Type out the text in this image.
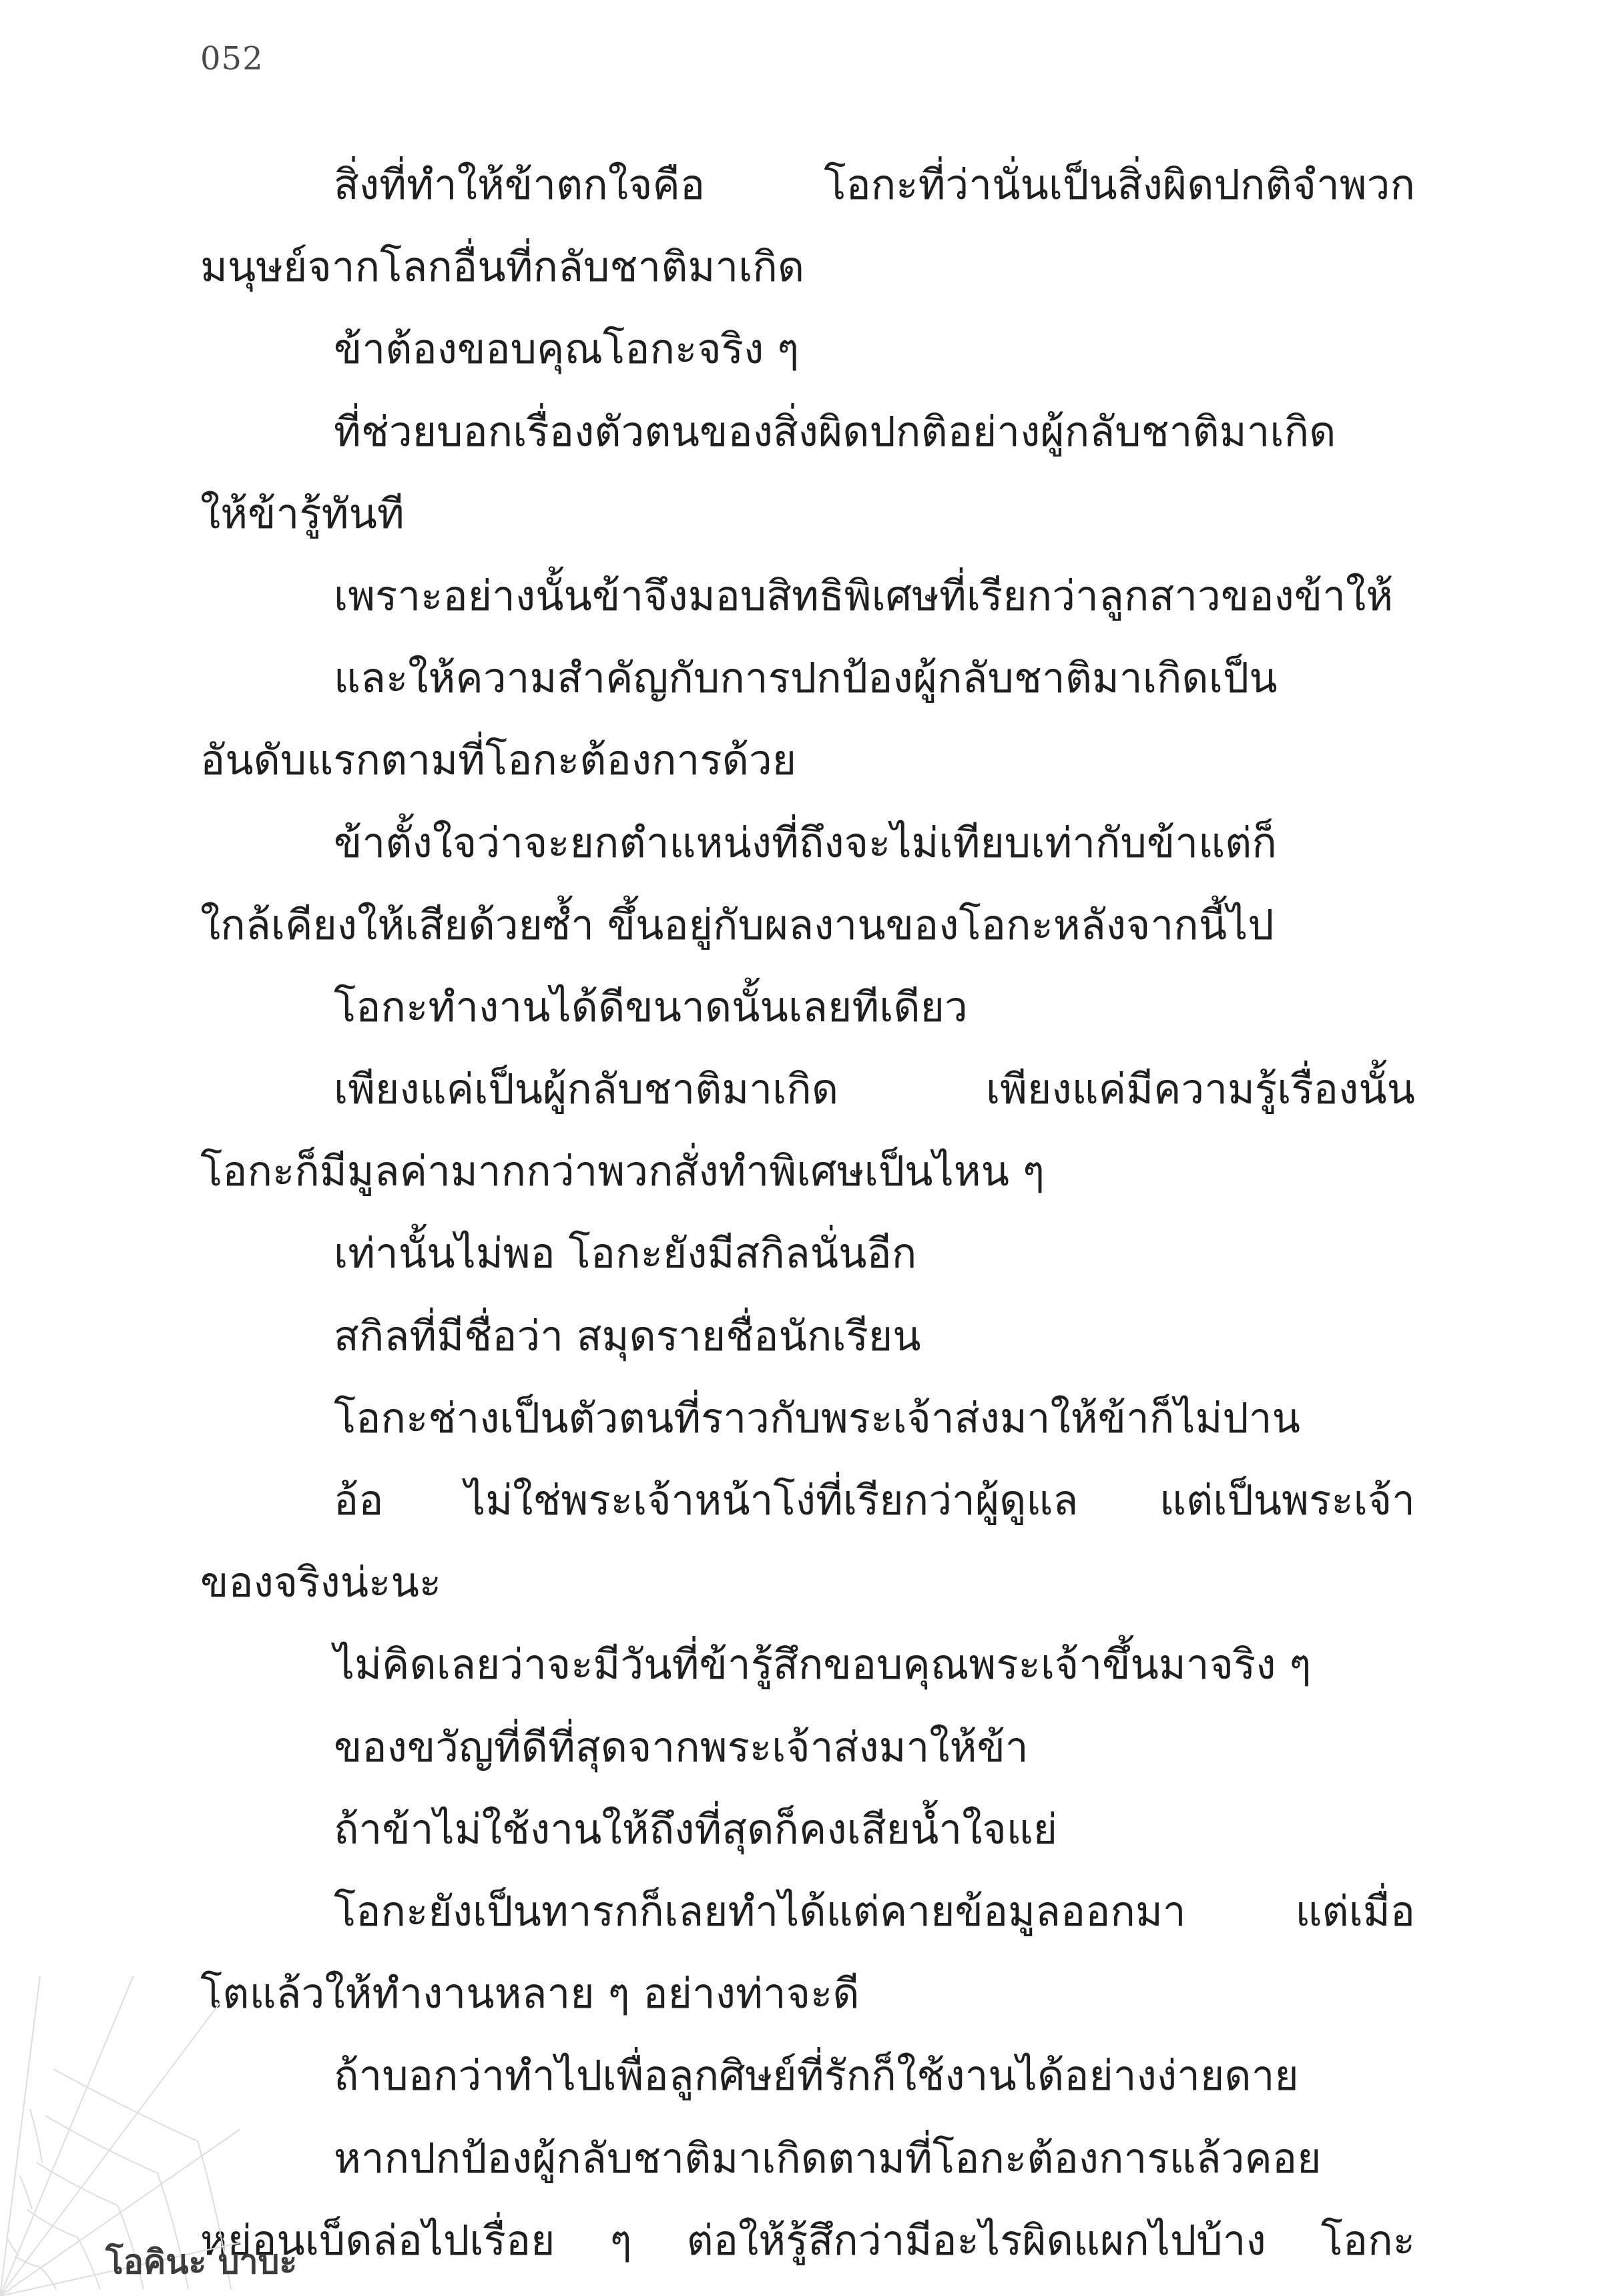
052
สิ่งที่ทำให้ข้าตกใจคือ โอกะที่ว่านั่นเป็นสิ่งผิดปกติจำพวก
มนุษย์จากโลกอื่นที่กลับชาติมาเกิด
ข้าต้องขอบคุณโอกะจริง ๆ
ที่ช่วยบอกเรื่องตัวตนของสิ่งผิดปกติอย่างผู้กลับชาติมาเกิด
ให้ข้ารู้ทันที
เพราะอย่างนั้นข้าจึงมอบสิทธิพิเศษที่เรียกว่าลูกสาวของข้าให้
และให้ความสำคัญกับการปกป้องผู้กลับชาติมาเกิดเป็น
อันดับแรกตามที่โอกะต้องการด้วย
ข้าตั้งใจว่าจะยกตำแหน่งที่ถึงจะไม่เทียบเท่ากับข้าแต่ก็
ใกล้เคียงให้เสียด้วยซ้ำ ขึ้นอยู่กับผลงานของโอกะหลังจากนี้ไป
โอกะทำงานได้ดีขนาดนั้นเลยทีเดียว
เพียงแค่เป็นผู้กลับชาติมาเกิด เพียงแค่มีความรู้เรื่องนั้น
โอกะก็มีมูลค่ามากกว่าพวกสั่งทำพิเศษเป็นไหน ๆ
เท่านั้นไม่พอ โอกะยังมีสกิลนั่นอีก
สกิลที่มีชื่อว่า สมุดรายชื่อนักเรียน
โอกะช่างเป็นตัวตนที่ราวกับพระเจ้าส่งมาให้ข้าก็ไม่ปาน
อ้อ ไม่ใช่พระเจ้าหน้าโง่ที่เรียกว่าผู้ดูแล แต่เป็นพระเจ้า
ของจริงน่ะนะ
ไม่คิดเลยว่าจะมีวันที่ข้ารู้สึกขอบคุณพระเจ้าขึ้นมาจริง ๆ
ของขวัญที่ดีที่สุดจากพระเจ้าส่งมาให้ข้า
ถ้าข้าไม่ใช้งานให้ถึงที่สุดก็คงเสียน้ำใจแย่
โอกะยังเป็นทารกก็เลยทำได้แต่คายข้อมูลออกมา แต่เมื่อ
โตแล้วให้ทำงานหลาย ๆ อย่างท่าจะดี
ถ้าบอกว่าทำไปเพื่อลูกศิษย์ที่รักก็ใช้งานได้อย่างง่ายดาย
หากปกป้องผู้กลับชาติมาเกิดตามที่โอกะต้องการแล้วคอย
หย่อนเบ็ดล่อไปเรื่อย ๆ ต่อให้รู้สึกว่ามีอะไรผิดแผกไปบ้าง โอกะ
โอคินะ บาบะ
